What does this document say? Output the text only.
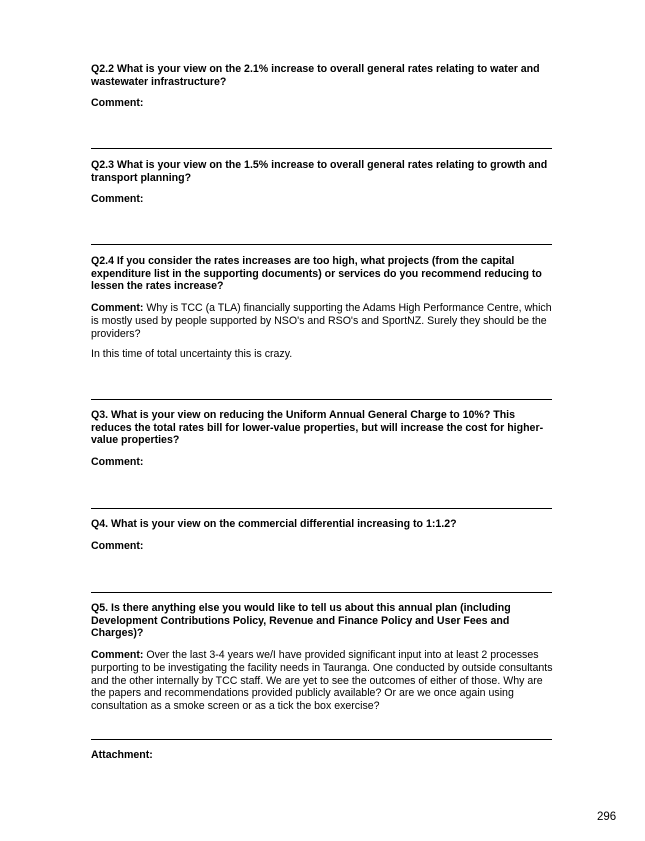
Q2.2 What is your view on the 2.1% increase to overall general rates relating to water and wastewater infrastructure?

Comment:

Q2.3 What is your view on the 1.5% increase to overall general rates relating to growth and transport planning?

Comment:

Q2.4 If you consider the rates increases are too high, what projects (from the capital expenditure list in the supporting documents) or services do you recommend reducing to lessen the rates increase?

Comment: Why is TCC (a TLA) financially supporting the Adams High Performance Centre, which is mostly used by people supported by NSO's and RSO's and SportNZ. Surely they should be the providers?

In this time of total uncertainty this is crazy.

Q3. What is your view on reducing the Uniform Annual General Charge to 10%? This reduces the total rates bill for lower-value properties, but will increase the cost for higher-value properties?

Comment:

Q4. What is your view on the commercial differential increasing to 1:1.2?

Comment:

Q5. Is there anything else you would like to tell us about this annual plan (including Development Contributions Policy, Revenue and Finance Policy and User Fees and Charges)?

Comment: Over the last 3-4 years we/I have provided significant input into at least 2 processes purporting to be investigating the facility needs in Tauranga. One conducted by outside consultants and the other internally by TCC staff. We are yet to see the outcomes of either of those. Why are the papers and recommendations provided publicly available? Or are we once again using consultation as a smoke screen or as a tick the box exercise?

Attachment:

296
